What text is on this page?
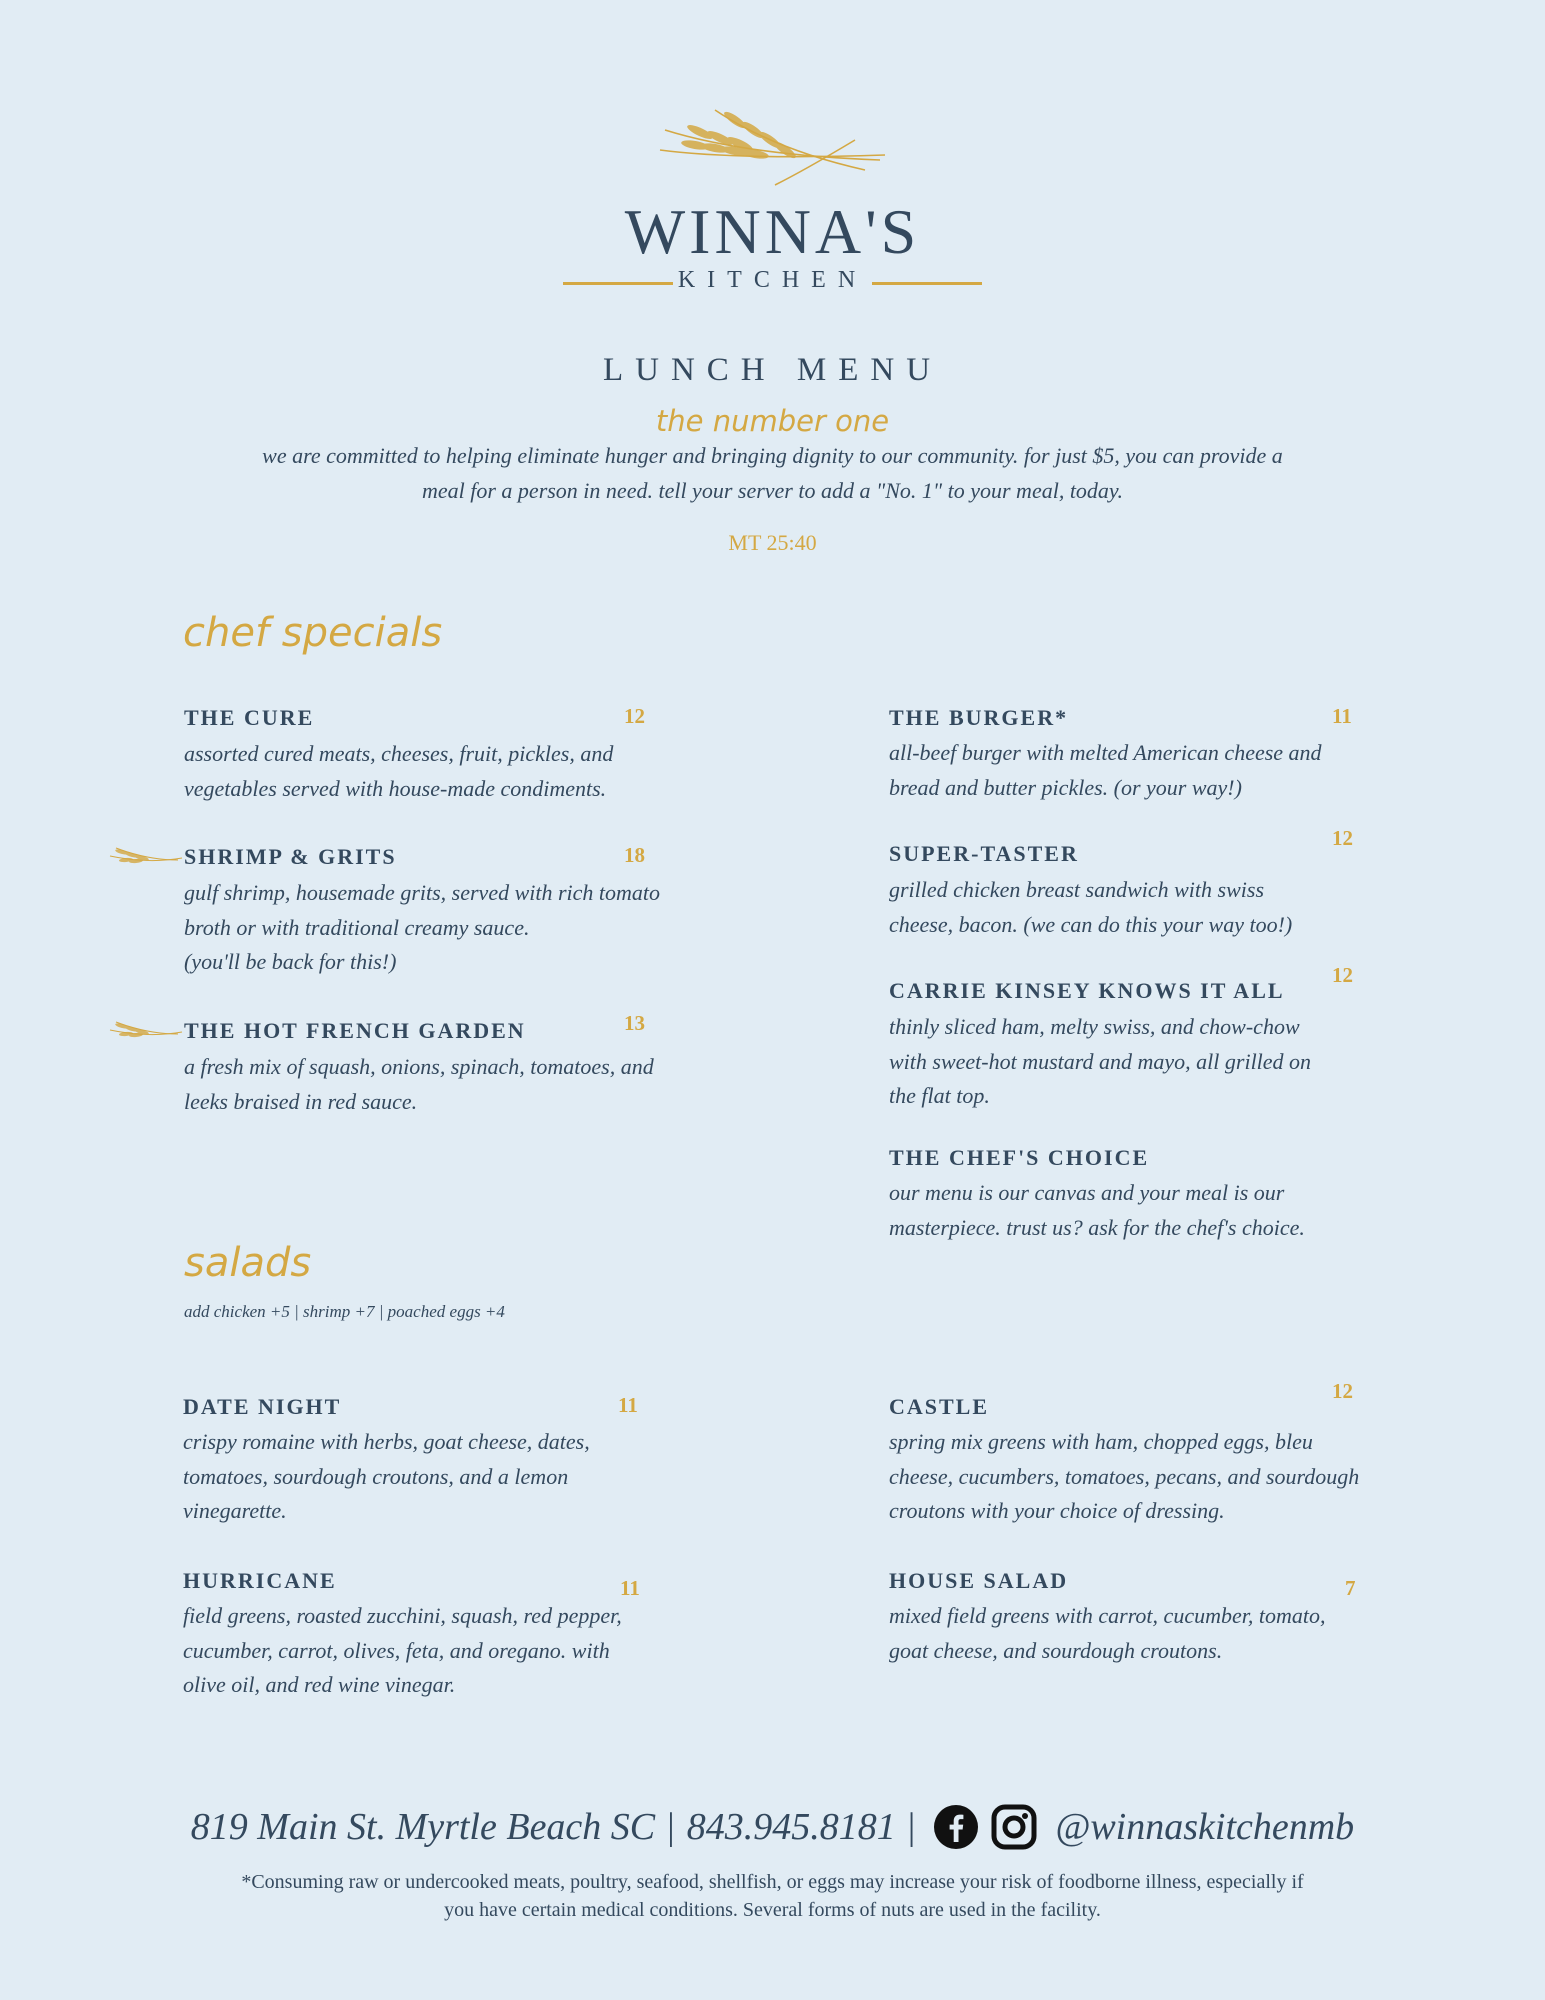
WINNA'S
KITCHEN
LUNCH MENU
the number one
we are committed to helping eliminate hunger and bringing dignity to our community. for just $5, you can provide a meal for a person in need. tell your server to add a "No. 1" to your meal, today.
MT 25:40
chef specials
THE CURE	12
assorted cured meats, cheeses, fruit, pickles, and
vegetables served with house-made condiments.
SHRIMP & GRITS	18
gulf shrimp, housemade grits, served with rich tomato
broth or with traditional creamy sauce.
(you'll be back for this!)
THE HOT FRENCH GARDEN	13
a fresh mix of squash, onions, spinach, tomatoes, and
leeks braised in red sauce.
THE BURGER*	11
all-beef burger with melted American cheese and
bread and butter pickles. (or your way!)
SUPER-TASTER
12
grilled chicken breast sandwich with swiss
cheese, bacon. (we can do this your way too!)
CARRIE KINSEY KNOWS IT ALL
12
thinly sliced ham, melty swiss, and chow-chow
with sweet-hot mustard and mayo, all grilled on
the flat top.
THE CHEF'S CHOICE
our menu is our canvas and your meal is our
masterpiece. trust us? ask for the chef's choice.
salads
add chicken +5 | shrimp +7 | poached eggs +4
DATE NIGHT	11
crispy romaine with herbs, goat cheese, dates,
tomatoes, sourdough croutons, and a lemon
vinegarette.
HURRICANE	11
field greens, roasted zucchini, squash, red pepper,
cucumber, carrot, olives, feta, and oregano. with
olive oil, and red wine vinegar.
CASTLE
12
spring mix greens with ham, chopped eggs, bleu
cheese, cucumbers, tomatoes, pecans, and sourdough
croutons with your choice of dressing.
HOUSE SALAD	7
mixed field greens with carrot, cucumber, tomato,
goat cheese, and sourdough croutons.
819 Main St. Myrtle Beach SC | 843.945.8181 |	@winnaskitchenmb
*Consuming raw or undercooked meats, poultry, seafood, shellfish, or eggs may increase your risk of foodborne illness, especially if you have certain medical conditions. Several forms of nuts are used in the facility.
